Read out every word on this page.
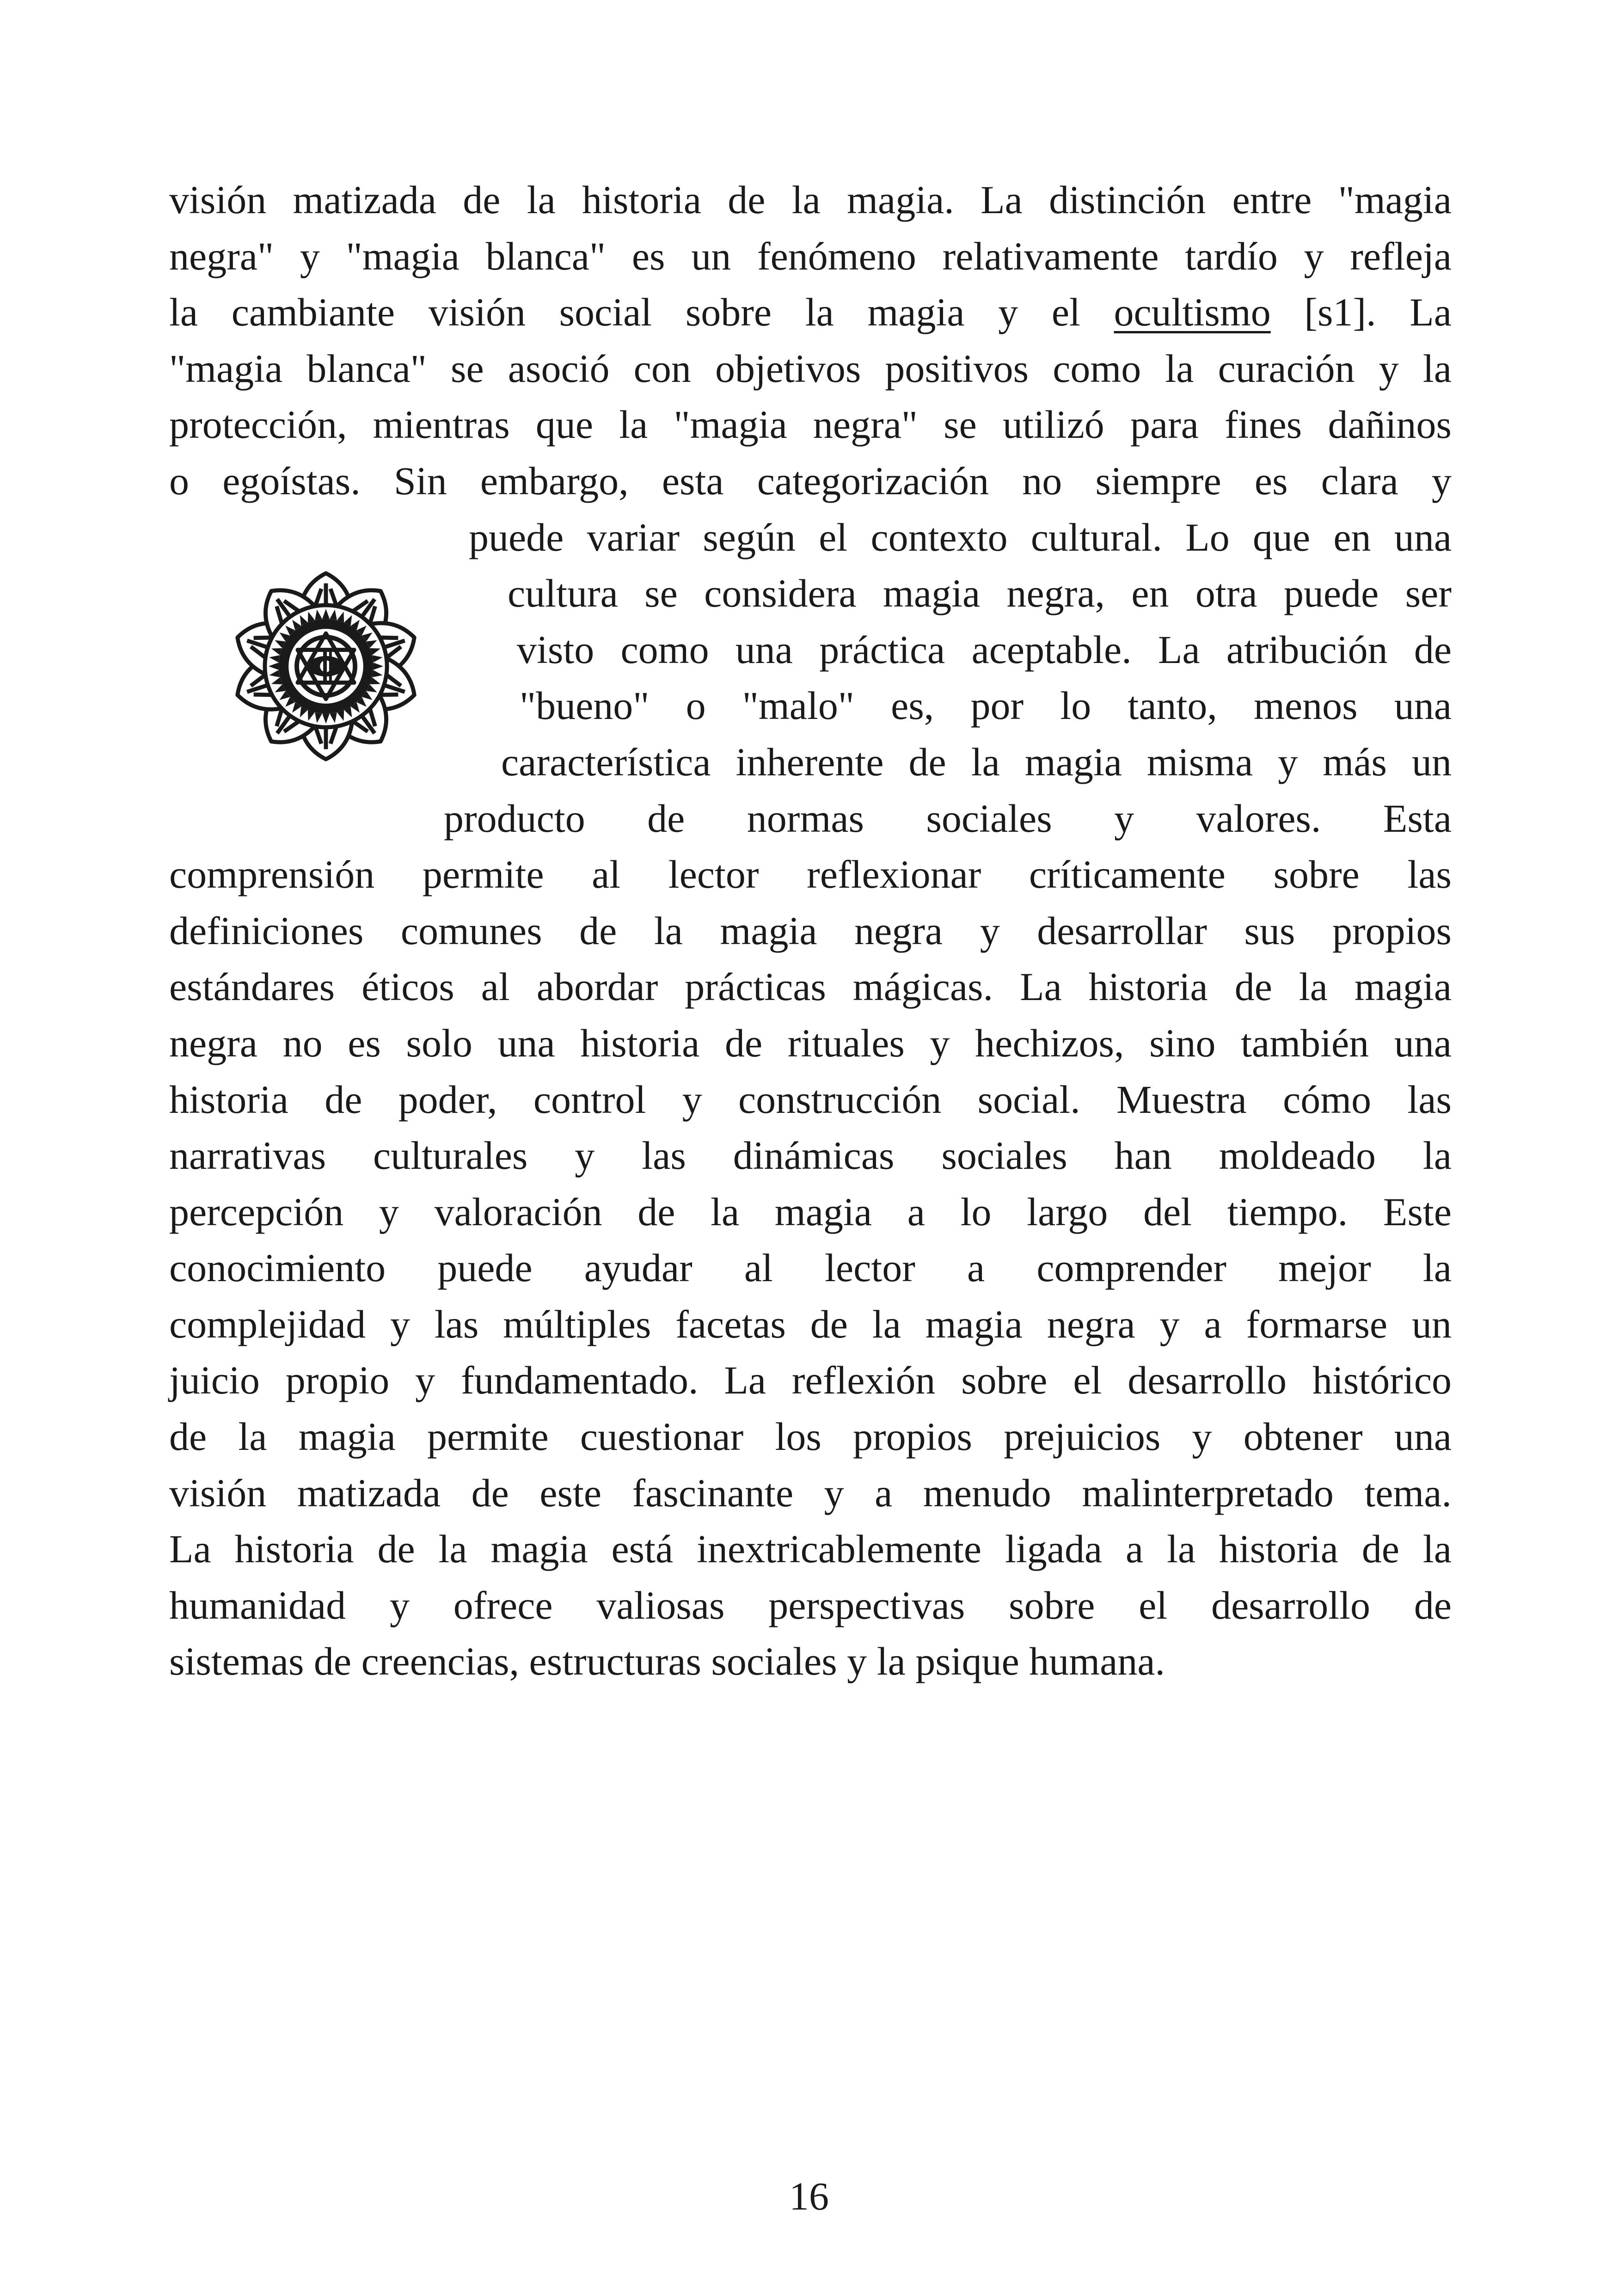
visión matizada de la historia de la magia. La distinción entre "magia
negra" y "magia blanca" es un fenómeno relativamente tardío y refleja
la cambiante visión social sobre la magia y el ocultismo [s1]. La
"magia blanca" se asoció con objetivos positivos como la curación y la
protección, mientras que la "magia negra" se utilizó para fines dañinos
o egoístas. Sin embargo, esta categorización no siempre es clara y
puede variar según el contexto cultural. Lo que en una
cultura se considera magia negra, en otra puede ser
visto como una práctica aceptable. La atribución de
"bueno" o "malo" es, por lo tanto, menos una
característica inherente de la magia misma y más un
producto de normas sociales y valores. Esta
comprensión permite al lector reflexionar críticamente sobre las
definiciones comunes de la magia negra y desarrollar sus propios
estándares éticos al abordar prácticas mágicas. La historia de la magia
negra no es solo una historia de rituales y hechizos, sino también una
historia de poder, control y construcción social. Muestra cómo las
narrativas culturales y las dinámicas sociales han moldeado la
percepción y valoración de la magia a lo largo del tiempo. Este
conocimiento puede ayudar al lector a comprender mejor la
complejidad y las múltiples facetas de la magia negra y a formarse un
juicio propio y fundamentado. La reflexión sobre el desarrollo histórico
de la magia permite cuestionar los propios prejuicios y obtener una
visión matizada de este fascinante y a menudo malinterpretado tema.
La historia de la magia está inextricablemente ligada a la historia de la
humanidad y ofrece valiosas perspectivas sobre el desarrollo de
sistemas de creencias, estructuras sociales y la psique humana.
16
